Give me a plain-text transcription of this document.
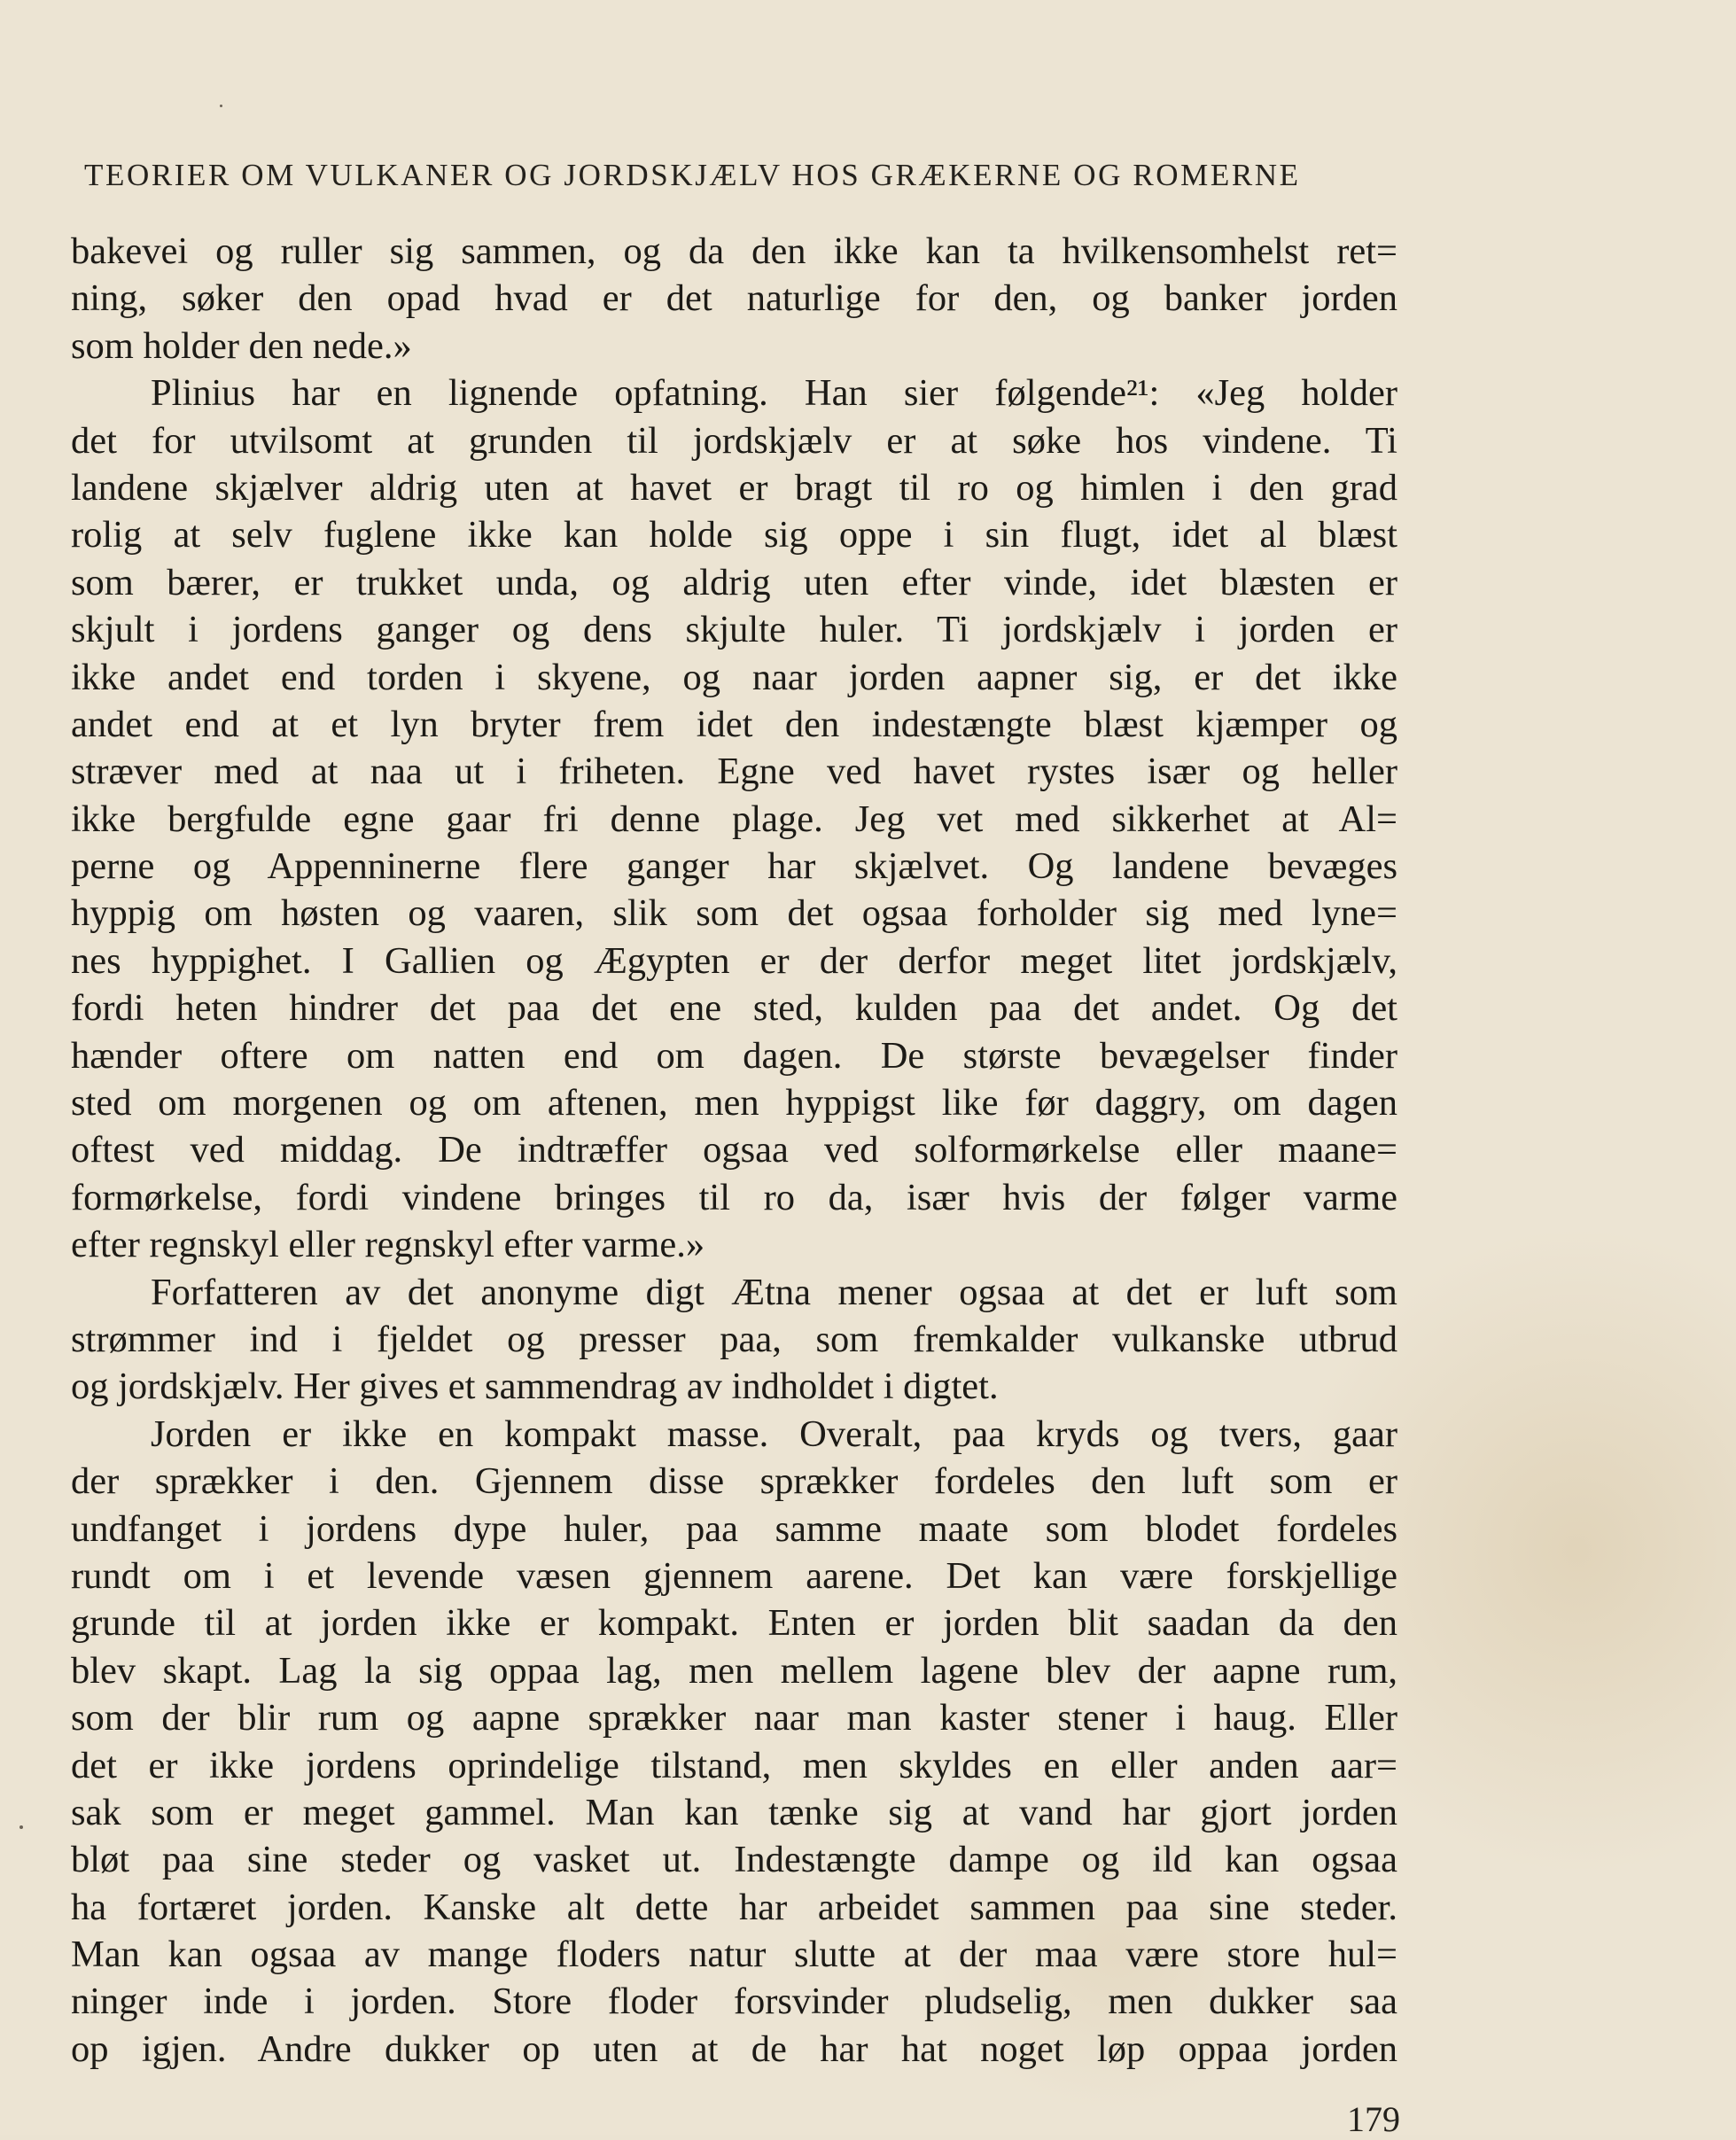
TEORIER OM VULKANER OG JORDSKJÆLV HOS GRÆKERNE OG ROMERNE
bakevei og ruller sig sammen, og da den ikke kan ta hvilkensomhelst ret=
ning, søker den opad hvad er det naturlige for den, og banker jorden
som holder den nede.»
Plinius har en lignende opfatning. Han sier følgende²¹: «Jeg holder
det for utvilsomt at grunden til jordskjælv er at søke hos vindene. Ti
landene skjælver aldrig uten at havet er bragt til ro og himlen i den grad
rolig at selv fuglene ikke kan holde sig oppe i sin flugt, idet al blæst
som bærer, er trukket unda, og aldrig uten efter vinde, idet blæsten er
skjult i jordens ganger og dens skjulte huler. Ti jordskjælv i jorden er
ikke andet end torden i skyene, og naar jorden aapner sig, er det ikke
andet end at et lyn bryter frem idet den indestængte blæst kjæmper og
stræver med at naa ut i friheten. Egne ved havet rystes især og heller
ikke bergfulde egne gaar fri denne plage. Jeg vet med sikkerhet at Al=
perne og Appenninerne flere ganger har skjælvet. Og landene bevæges
hyppig om høsten og vaaren, slik som det ogsaa forholder sig med lyne=
nes hyppighet. I Gallien og Ægypten er der derfor meget litet jordskjælv,
fordi heten hindrer det paa det ene sted, kulden paa det andet. Og det
hænder oftere om natten end om dagen. De største bevægelser finder
sted om morgenen og om aftenen, men hyppigst like før daggry, om dagen
oftest ved middag. De indtræffer ogsaa ved solformørkelse eller maane=
formørkelse, fordi vindene bringes til ro da, især hvis der følger varme
efter regnskyl eller regnskyl efter varme.»
Forfatteren av det anonyme digt Ætna mener ogsaa at det er luft som
strømmer ind i fjeldet og presser paa, som fremkalder vulkanske utbrud
og jordskjælv. Her gives et sammendrag av indholdet i digtet.
Jorden er ikke en kompakt masse. Overalt, paa kryds og tvers, gaar
der sprækker i den. Gjennem disse sprækker fordeles den luft som er
undfanget i jordens dype huler, paa samme maate som blodet fordeles
rundt om i et levende væsen gjennem aarene. Det kan være forskjellige
grunde til at jorden ikke er kompakt. Enten er jorden blit saadan da den
blev skapt. Lag la sig oppaa lag, men mellem lagene blev der aapne rum,
som der blir rum og aapne sprækker naar man kaster stener i haug. Eller
det er ikke jordens oprindelige tilstand, men skyldes en eller anden aar=
sak som er meget gammel. Man kan tænke sig at vand har gjort jorden
bløt paa sine steder og vasket ut. Indestængte dampe og ild kan ogsaa
ha fortæret jorden. Kanske alt dette har arbeidet sammen paa sine steder.
Man kan ogsaa av mange floders natur slutte at der maa være store hul=
ninger inde i jorden. Store floder forsvinder pludselig, men dukker saa
op igjen. Andre dukker op uten at de har hat noget løp oppaa jorden
179
